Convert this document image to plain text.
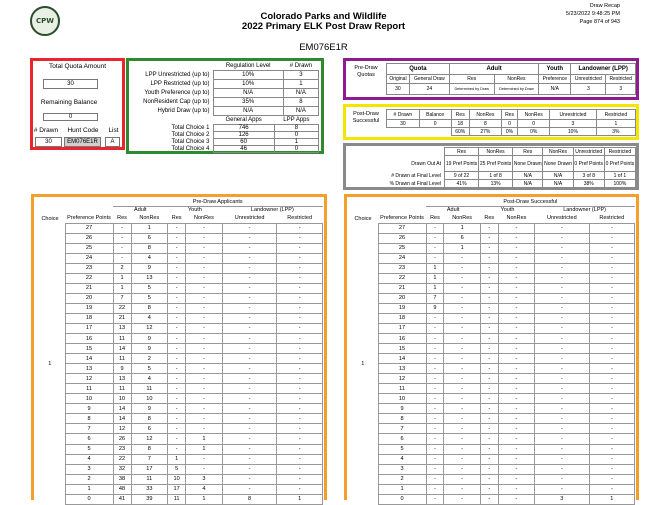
CPW	Colorado Parks and Wildlife
2022 Primary ELK Post Draw Report
Draw Recap
5/23/2022 9:48:25 PM
Page 874 of 943
EM076E1R
Total Quota Amount
30
Remaining Balance
0
# Drawn	Hunt Code	List
30	EM076E1R	A
	Regulation Level	# Drawn
LPP Unrestricted (up to)	10%	3
LPP Restricted (up to)	10%	1
Youth Preference (up to)	N/A	N/A
NonResident Cap (up to)	35%	8
Hybrid Draw (up to)	N/A	N/A
	General Apps	LPP Apps
Total Choice 1	746	8
Total Choice 2	126	0
Total Choice 3	60	1
Total Choice 4	46	0
Pre-Draw Quotas
Quota		Adult		Youth	Landowner (LPP)	
Original	General Draw	Res	NonRes	Preference	Unrestricted	Restricted
30	24	Determined by Draw	Determined by Draw	N/A	3	3
Post-Draw Successful
# Drawn	Balance	Res	NonRes	Res	NonRes	Unrestricted	Restricted

30	0	18	8	0	0	3	1
		60%	27%	0%	0%	10%	3%
	Res	NonRes	Res	NonRes	Unrestricted	Restricted
Drawn Out At	19 Pref Points	25 Pref Points	None Drawn	None Drawn	0 Pref Points	0 Pref Points
# Drawn at Final Level	9 of 22	1 of 8	N/A	N/A	3 of 8	1 of 1
% Drawn at Final Level	41%	13%	N/A	N/A	38%	100%
		Pre-Draw Applicants					
		Adult		Youth		Landowner (LPP)	
Choice	Preference Points	Res	NonRes	Res	NonRes	Unrestricted	Restricted
1	27	-	1	-	-	-	-
	26	-	6	-	-	-	-
	25	-	8	-	-	-	-
	24	-	4	-	-	-	-
	23	2	9	-	-	-	-
	22	1	13	-	-	-	-
	21	1	5	-	-	-	-
	20	7	5	-	-	-	-
	19	22	8	-	-	-	-
	18	21	4	-	-	-	-
	17	13	12	-	-	-	-
	16	11	9	-	-	-	-
	15	14	9	-	-	-	-
	14	11	2	-	-	-	-
	13	9	5	-	-	-	-
	12	13	4	-	-	-	-
	11	11	11	-	-	-	-
	10	10	10	-	-	-	-
	9	14	9	-	-	-	-
	8	14	8	-	-	-	-
	7	12	6	-	-	-	-
	6	26	12	-	1	-	-
	5	23	8	-	1	-	-
	4	22	7	1	-	-	-
	3	32	17	5	-	-	-
	2	38	11	10	3	-	-
	1	48	33	17	4	-	-
	0	41	39	11	1	8	1
		Post-Draw Successful					
		Adult		Youth		Landowner (LPP)	
Choice	Preference Points	Res	NonRes	Res	NonRes	Unrestricted	Restricted
1	27	-	1	-	-	-	-
	26	-	6	-	-	-	-
	25	-	1	-	-	-	-
	24	-	-	-	-	-	-
	23	1	-	-	-	-	-
	22	1	-	-	-	-	-
	21	1	-	-	-	-	-
	20	7	-	-	-	-	-
	19	9	-	-	-	-	-
	18	-	-	-	-	-	-
	17	-	-	-	-	-	-
	16	-	-	-	-	-	-
	15	-	-	-	-	-	-
	14	-	-	-	-	-	-
	13	-	-	-	-	-	-
	12	-	-	-	-	-	-
	11	-	-	-	-	-	-
	10	-	-	-	-	-	-
	9	-	-	-	-	-	-
	8	-	-	-	-	-	-
	7	-	-	-	-	-	-
	6	-	-	-	-	-	-
	5	-	-	-	-	-	-
	4	-	-	-	-	-	-
	3	-	-	-	-	-	-
	2	-	-	-	-	-	-
	1	-	-	-	-	-	-
	0	-	-	-	-	3	1
